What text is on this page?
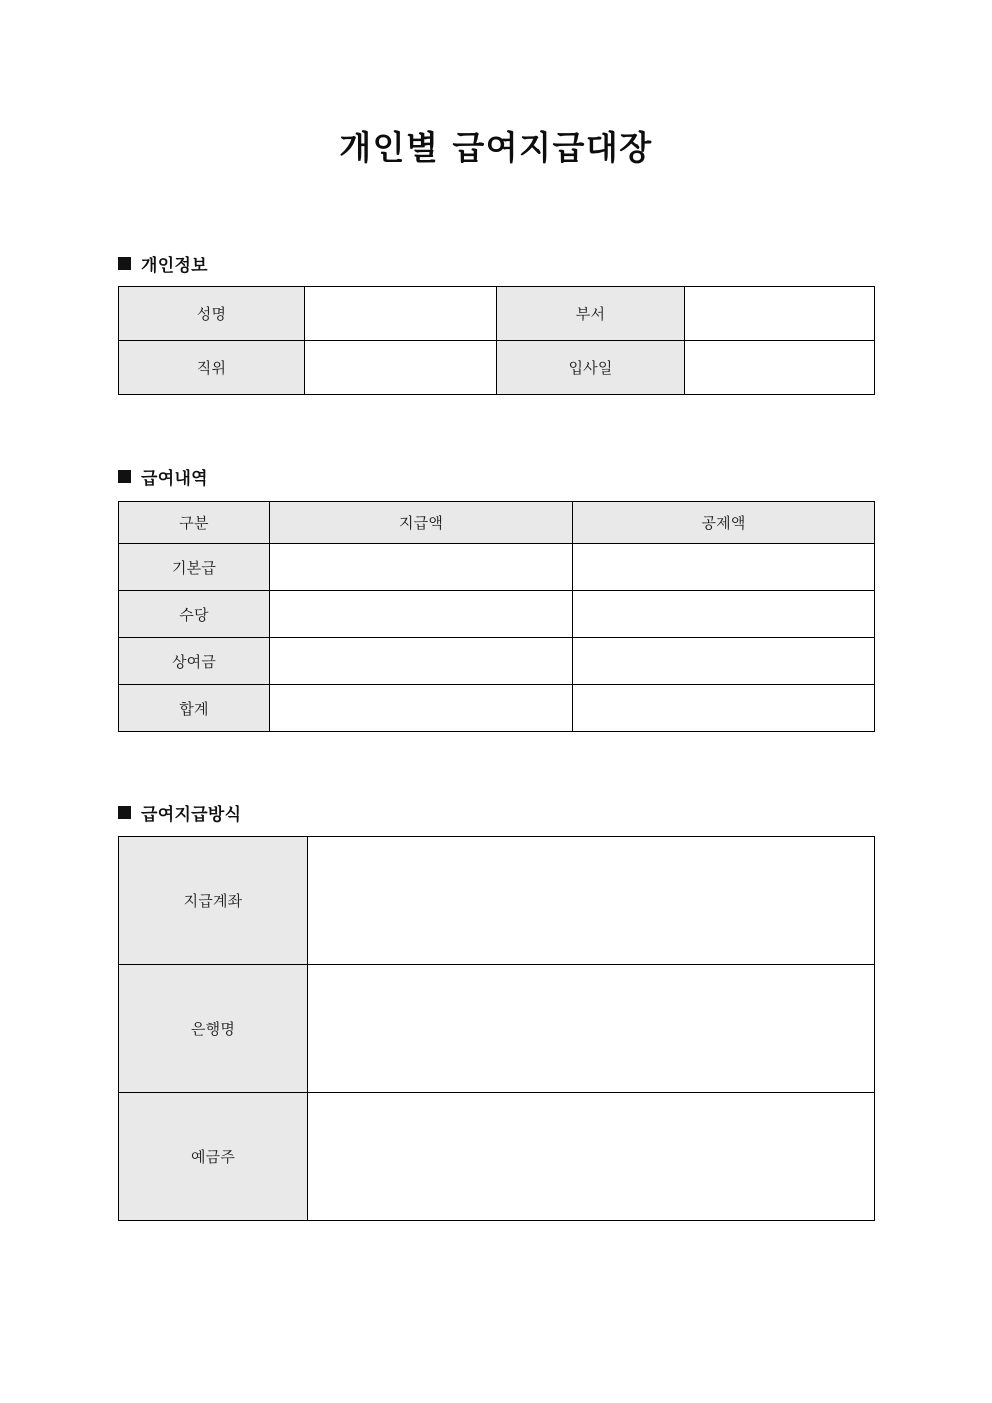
개인별 급여지급대장
개인정보
성명		부서	
직위		입사일	
급여내역
구분	지급액	공제액
기본급		
수당		
상여금		
합계		
급여지급방식
지급계좌	
은행명	
예금주	
